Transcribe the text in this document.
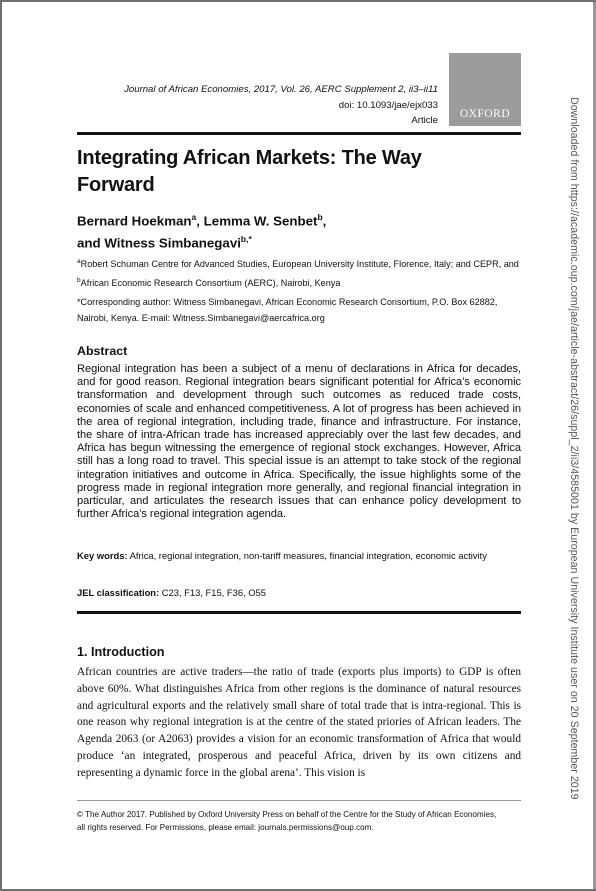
Journal of African Economies, 2017, Vol. 26, AERC Supplement 2, ii3–ii11
doi: 10.1093/jae/ejx033
Article
OXFORD
Integrating African Markets: The Way
Forward
Bernard Hoekman$^a$, Lemma W. Senbet$^b$,
and Witness Simbanegavi$^{b,*}$
$^a$Robert Schuman Centre for Advanced Studies, European University Institute, Florence, Italy; and CEPR, and $^b$African Economic Research Consortium (AERC), Nairobi, Kenya
*Corresponding author: Witness Simbanegavi, African Economic Research Consortium, P.O. Box 62882, Nairobi, Kenya. E-mail: Witness.Simbanegavi@aercafrica.org
Abstract
Regional integration has been a subject of a menu of declarations in Africa for decades, and for good reason. Regional integration bears significant potential for Africa’s economic transformation and development through such outcomes as reduced trade costs, economies of scale and enhanced competitiveness. A lot of progress has been achieved in the area of regional integration, including trade, finance and infrastructure. For instance, the share of intra-African trade has increased appreciably over the last few decades, and Africa has begun witnessing the emergence of regional stock exchanges. However, Africa still has a long road to travel. This special issue is an attempt to take stock of the regional integration initiatives and outcome in Africa. Specifically, the issue highlights some of the progress made in regional integration more generally, and regional financial integration in particular, and articulates the research issues that can enhance policy development to further Africa’s regional integration agenda.
Key words: Africa, regional integration, non-tariff measures, financial integration, economic activity
JEL classification: C23, F13, F15, F36, O55
1. Introduction
African countries are active traders—the ratio of trade (exports plus imports) to GDP is often above 60%. What distinguishes Africa from other regions is the dominance of natural resources and agricultural exports and the relatively small share of total trade that is intra-regional. This is one reason why regional integration is at the centre of the stated priories of African leaders. The Agenda 2063 (or A2063) provides a vision for an economic transformation of Africa that would produce ‘an integrated, prosperous and peaceful Africa, driven by its own citizens and representing a dynamic force in the global arena’. This vision is
© The Author 2017. Published by Oxford University Press on behalf of the Centre for the Study of African Economies,
all rights reserved. For Permissions, please email: journals.permissions@oup.com.
Downloaded from https://academic.oup.com/jae/article-abstract/26/suppl_2/ii3/4585001 by European University Institute user on 20 September 2019
